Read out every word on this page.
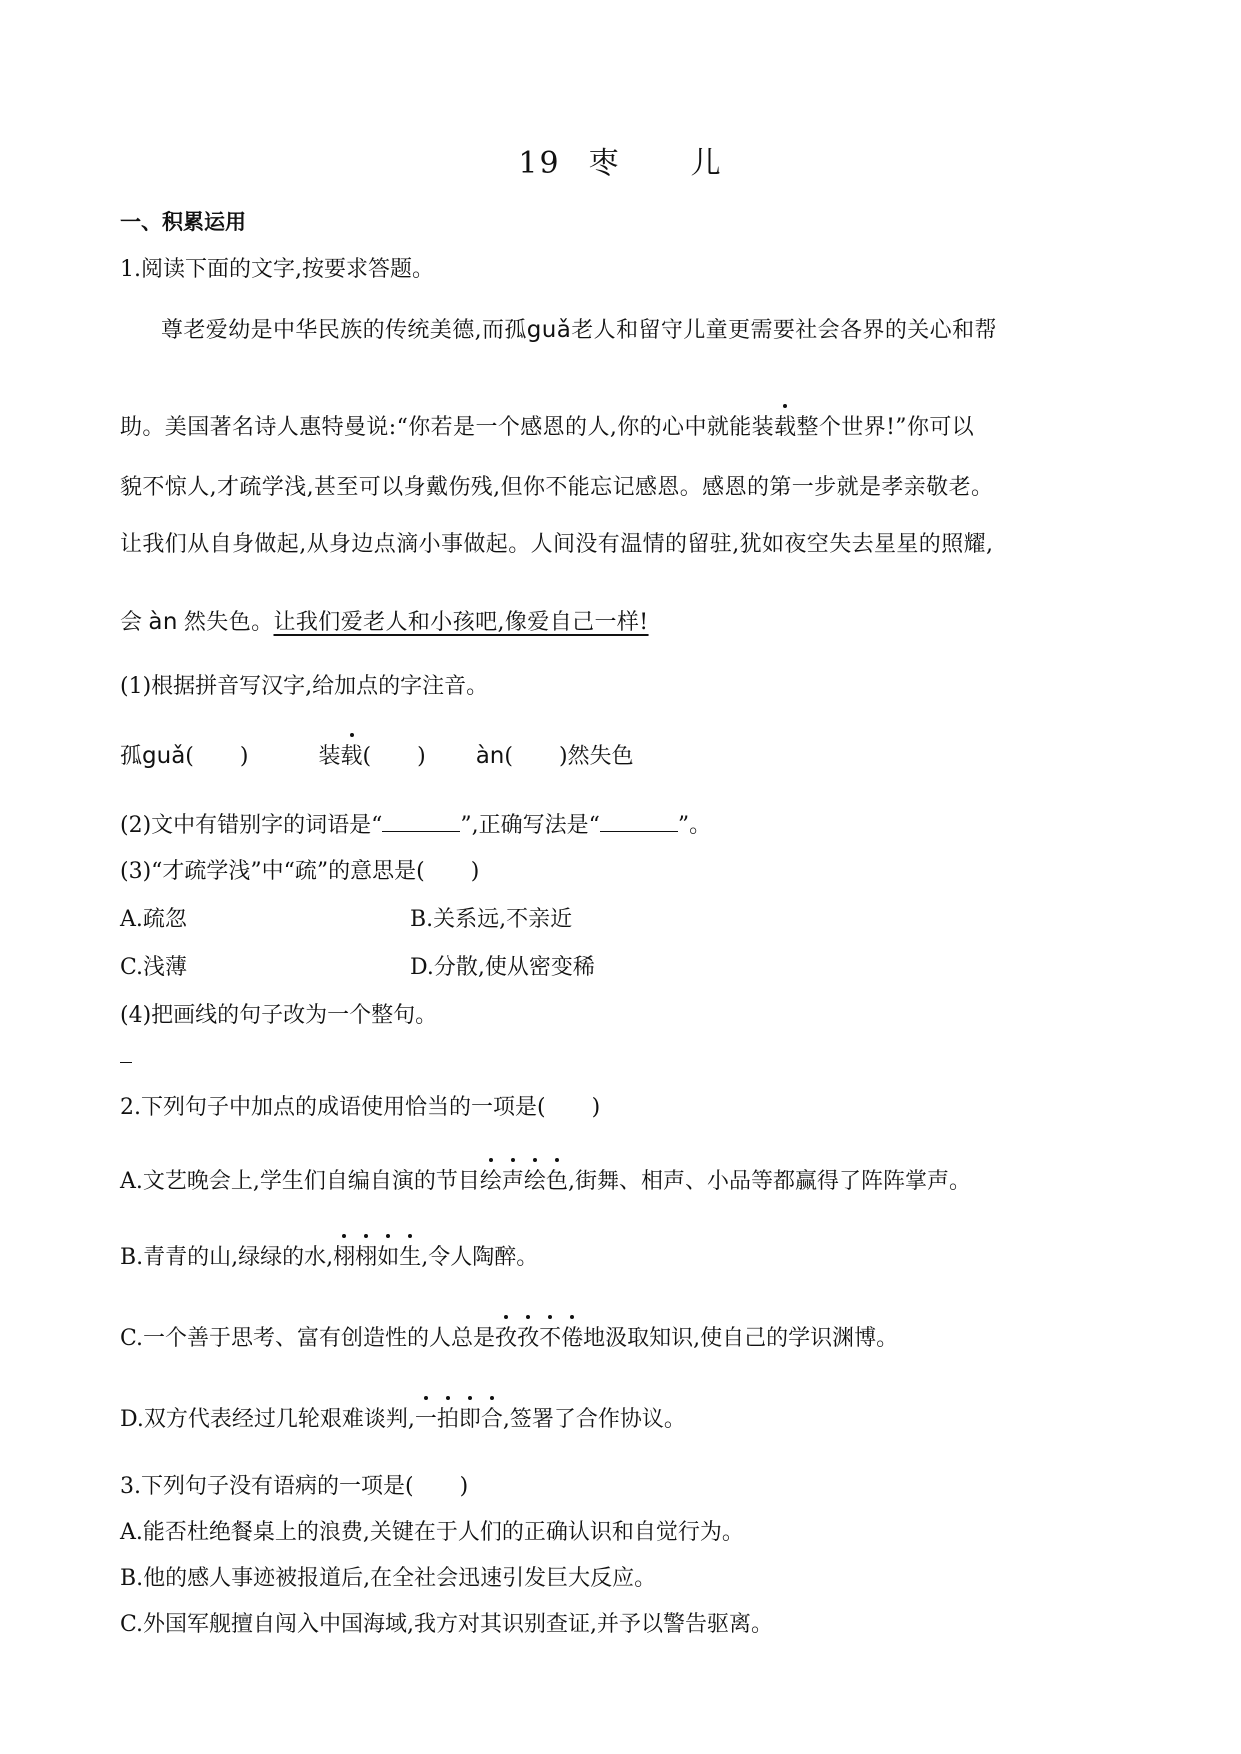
19 枣 儿
一、积累运用
1.阅读下面的文字,按要求答题。
尊老爱幼是中华民族的传统美德,而孤guǎ老人和留守儿童更需要社会各界的关心和帮
助。美国著名诗人惠特曼说:“你若是一个感恩的人,你的心中就能装载整个世界!”你可以
貌不惊人,才疏学浅,甚至可以身戴伤残,但你不能忘记感恩。感恩的第一步就是孝亲敬老。
让我们从自身做起,从身边点滴小事做起。人间没有温情的留驻,犹如夜空失去星星的照耀,
会 àn 然失色。让我们爱老人和小孩吧,像爱自己一样!
(1)根据拼音写汉字,给加点的字注音。
孤guǎ( )	装载( ) àn( )然失色
(2)文中有错别字的词语是“	”,正确写法是“	”。
(3)“才疏学浅”中“疏”的意思是( )
A.疏忽	B.关系远,不亲近
C.浅薄	D.分散,使从密变稀
(4)把画线的句子改为一个整句。
2.下列句子中加点的成语使用恰当的一项是( )
A.文艺晚会上,学生们自编自演的节目绘声绘色,街舞、相声、小品等都赢得了阵阵掌声。
B.青青的山,绿绿的水,栩栩如生,令人陶醉。
C.一个善于思考、富有创造性的人总是孜孜不倦地汲取知识,使自己的学识渊博。
D.双方代表经过几轮艰难谈判,一拍即合,签署了合作协议。
3.下列句子没有语病的一项是( )
A.能否杜绝餐桌上的浪费,关键在于人们的正确认识和自觉行为。
B.他的感人事迹被报道后,在全社会迅速引发巨大反应。
C.外国军舰擅自闯入中国海域,我方对其识别查证,并予以警告驱离。
